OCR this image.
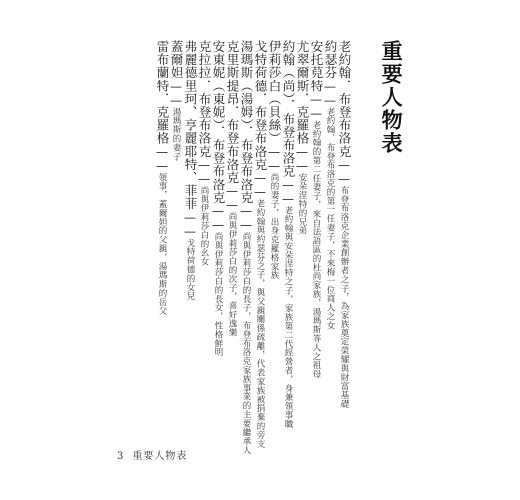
重要人物表
老約翰．布登布洛克——布登布洛克企業創辦者之子，為家族奠定榮耀與財富基礎
約瑟芬——老約翰．布登布洛克的第一任妻子，不來梅一位商人之女
安托萖特——老約翰的第二任妻子，來自法語區的杜尚家族，湯瑪斯等人之祖母
尤翠爾斯．克羅格——安朵涅特的兄弟
約翰（尚）．布登布洛克——老約翰與安朵涅特之子，家族第二代經營者，身兼領事職
伊莉莎白（貝絲）——尚的妻子，出身克羅格家族
戈特荷德．布登布洛克——老約翰與約瑟芬之子，與父親關係疏離，代表家族被捐棄的旁支
湯瑪斯（湯姆）．布登布洛克——尚與伊莉莎白的長子，布登布洛克家族事業的主要繼承人
克里斯提昂．布登布洛克——尚與伊莉莎白的次子，喜好逸樂
安東妮（東妮）．布登布洛克——尚與伊莉莎白的長女，性格鮮明
克拉拉．布登布洛克——尚與伊莉莎白的幺女
弗麗德里珂、亨麗耶特、菲菲——戈特荷德的女兒
蓋爾妲——湯瑪斯的妻子
雷布蘭特．克羅格——領事，蓋爾妲的父親，湯瑪斯的岳父
3 重要人物表
